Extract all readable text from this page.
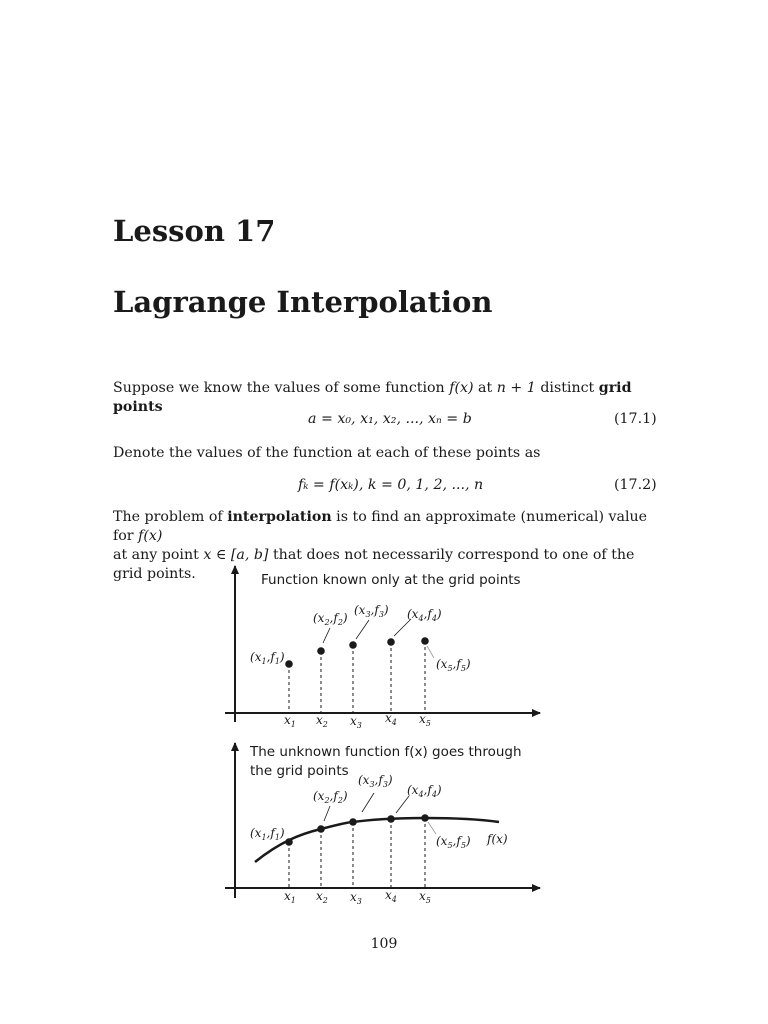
Lesson 17
Lagrange Interpolation
Suppose we know the values of some function f(x) at n + 1 distinct grid points
a = x₀, x₁, x₂, ..., xₙ = b	(17.1)
Denote the values of the function at each of these points as
fₖ = f(xₖ), k = 0, 1, 2, ..., n	(17.2)
The problem of interpolation is to find an approximate (numerical) value for f(x)
at any point x ∈ [a, b] that does not necessarily correspond to one of the grid points.	Function known only at the grid points
$(x_1,f_1)$
$(x_2,f_2)$
$(x_3,f_3)$ $(x_4,f_4)$
$(x_5,f_5)$
$x_1$ $x_2$ $x_3$
$x_4$ $x_5$
The unknown function f(x) goes through
the grid points
$(x_1,f_1)$
$(x_2,f_2)$
$(x_3,f_3)$
$(x_4,f_4)$
$(x_5,f_5)$ f(x)
$x_1$ $x_2$ $x_3$ $x_4$ $x_5$
109
